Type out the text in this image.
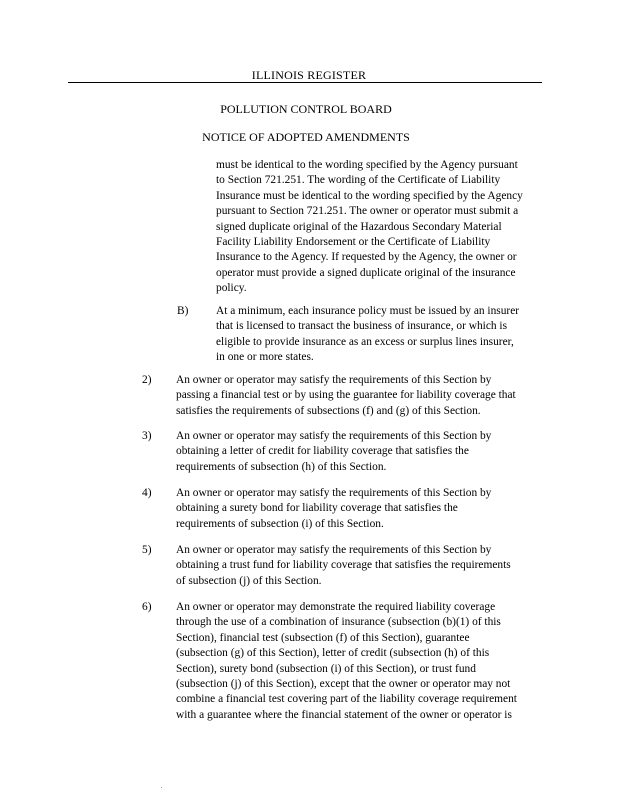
ILLINOIS REGISTER
POLLUTION CONTROL BOARD
NOTICE OF ADOPTED AMENDMENTS
must be identical to the wording specified by the Agency pursuant
to Section 721.251. The wording of the Certificate of Liability
Insurance must be identical to the wording specified by the Agency
pursuant to Section 721.251. The owner or operator must submit a
signed duplicate original of the Hazardous Secondary Material
Facility Liability Endorsement or the Certificate of Liability
Insurance to the Agency. If requested by the Agency, the owner or
operator must provide a signed duplicate original of the insurance
policy.
B) At a minimum, each insurance policy must be issued by an insurer
that is licensed to transact the business of insurance, or which is
eligible to provide insurance as an excess or surplus lines insurer,
in one or more states.
2) An owner or operator may satisfy the requirements of this Section by
passing a financial test or by using the guarantee for liability coverage that
satisfies the requirements of subsections (f) and (g) of this Section.
3) An owner or operator may satisfy the requirements of this Section by
obtaining a letter of credit for liability coverage that satisfies the
requirements of subsection (h) of this Section.
4) An owner or operator may satisfy the requirements of this Section by
obtaining a surety bond for liability coverage that satisfies the
requirements of subsection (i) of this Section.
5) An owner or operator may satisfy the requirements of this Section by
obtaining a trust fund for liability coverage that satisfies the requirements
of subsection (j) of this Section.
6) An owner or operator may demonstrate the required liability coverage
through the use of a combination of insurance (subsection (b)(1) of this
Section), financial test (subsection (f) of this Section), guarantee
(subsection (g) of this Section), letter of credit (subsection (h) of this
Section), surety bond (subsection (i) of this Section), or trust fund
(subsection (j) of this Section), except that the owner or operator may not
combine a financial test covering part of the liability coverage requirement
with a guarantee where the financial statement of the owner or operator is
